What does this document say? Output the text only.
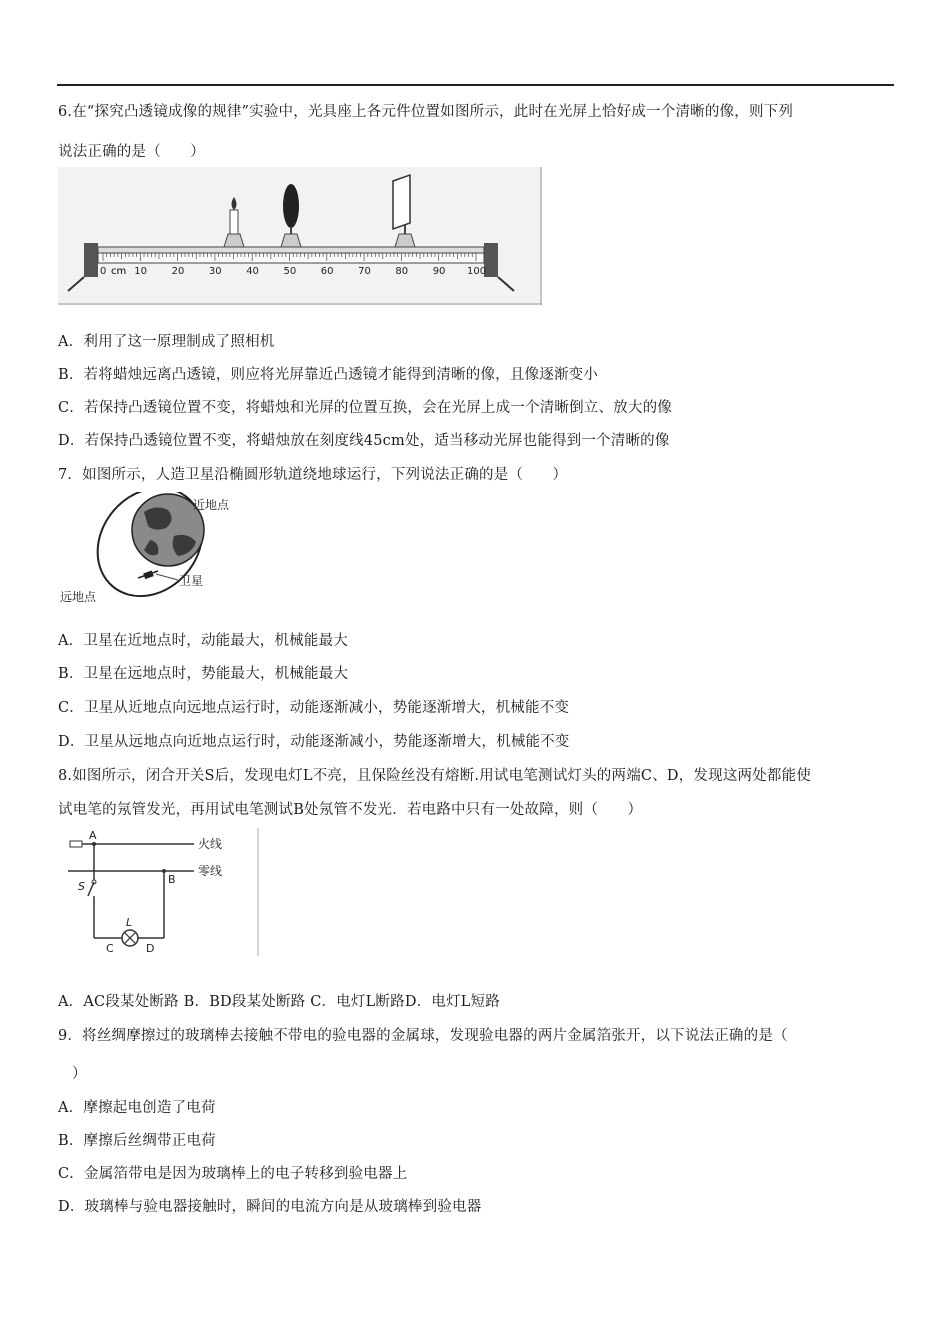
6.在“探究凸透镜成像的规律”实验中，光具座上各元件位置如图所示，此时在光屏上恰好成一个清晰的像，则下列
说法正确的是（　　）
cm
0	10 20 30 40 50 60 70 80 90 100
A．利用了这一原理制成了照相机
B．若将蜡烛远离凸透镜，则应将光屏靠近凸透镜才能得到清晰的像，且像逐渐变小
C．若保持凸透镜位置不变，将蜡烛和光屏的位置互换，会在光屏上成一个清晰倒立、放大的像
D．若保持凸透镜位置不变，将蜡烛放在刻度线45cm处，适当移动光屏也能得到一个清晰的像
7．如图所示，人造卫星沿椭圆形轨道绕地球运行，下列说法正确的是（　　）
近地点
卫星
远地点
A．卫星在近地点时，动能最大，机械能最大
B．卫星在远地点时，势能最大，机械能最大
C．卫星从近地点向远地点运行时，动能逐渐减小，势能逐渐增大，机械能不变
D．卫星从远地点向近地点运行时，动能逐渐减小，势能逐渐增大，机械能不变
8.如图所示，闭合开关S后，发现电灯L不亮，且保险丝没有熔断.用试电笔测试灯头的两端C、D，发现这两处都能使
试电笔的氖管发光，再用试电笔测试B处氖管不发光．若电路中只有一处故障，则（　　）
火线
零线
A
S
L
B
C	D
A．AC段某处断路 B．BD段某处断路 C．电灯L断路D．电灯L短路
9．将丝绸摩擦过的玻璃棒去接触不带电的验电器的金属球，发现验电器的两片金属箔张开，以下说法正确的是（
）
A．摩擦起电创造了电荷
B．摩擦后丝绸带正电荷
C．金属箔带电是因为玻璃棒上的电子转移到验电器上
D．玻璃棒与验电器接触时，瞬间的电流方向是从玻璃棒到验电器
